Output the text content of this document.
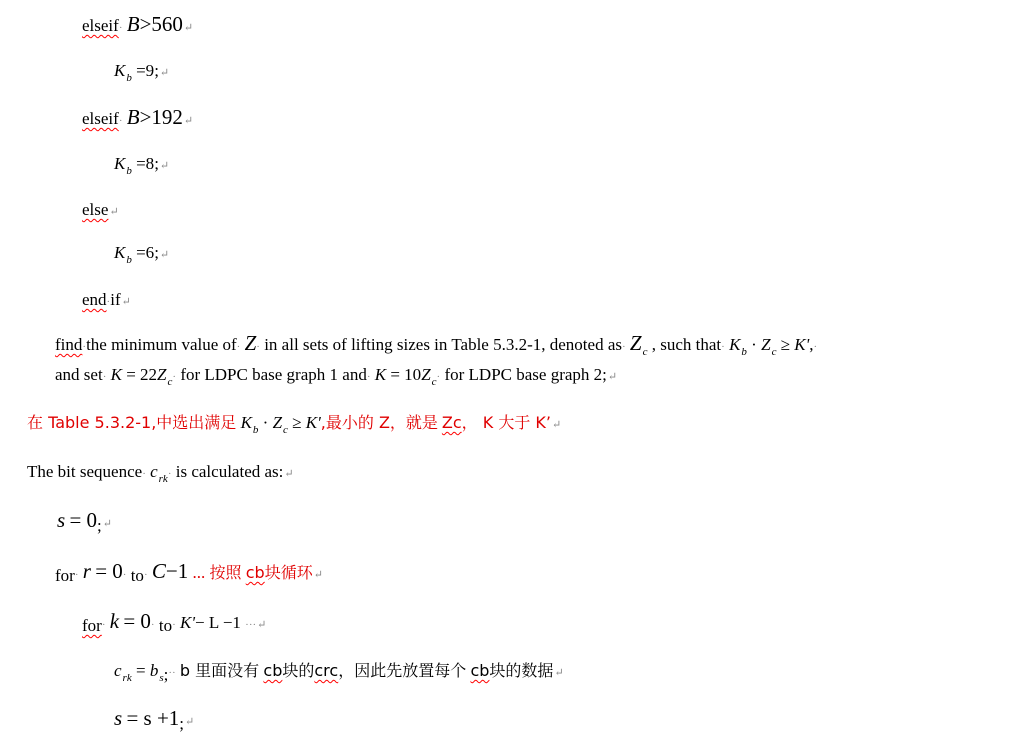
elseif· B>560↵
$K_b$ =9;↵
elseif· B>192↵
$K_b$ =8;↵
else↵
$K_b$ =6;↵
end·if↵
find·the minimum value of· Z· in all sets of lifting sizes in Table 5.3.2-1, denoted $as\cdot Z_c$ , such that· $K_b \cdot Z_c \ge K',\cdot$
and $set\cdot K = 22Z_c\cdot$ for LDPC base graph 1 $and\cdot K = 10Z_c\cdot$ for LDPC base graph 2;↵
在 Table 5.3.2-1,中选出满足 $K_b \cdot Z_c \ge K'$,最小的 Z，就是 Zc， K 大于 K’↵
The bit sequence· $c_{rk}\cdot$ is calculated as:↵
s = 0;↵
for· r = 0· to· C−1 ... 按照 cb块循环↵
for· k = 0· to· K'− L −1 ···↵
$c_{rk}$ = $b_s;\cdot\cdot b$ 里面没有 cb块的crc，因此先放置每个 cb块的数据↵
s = s +1;↵
